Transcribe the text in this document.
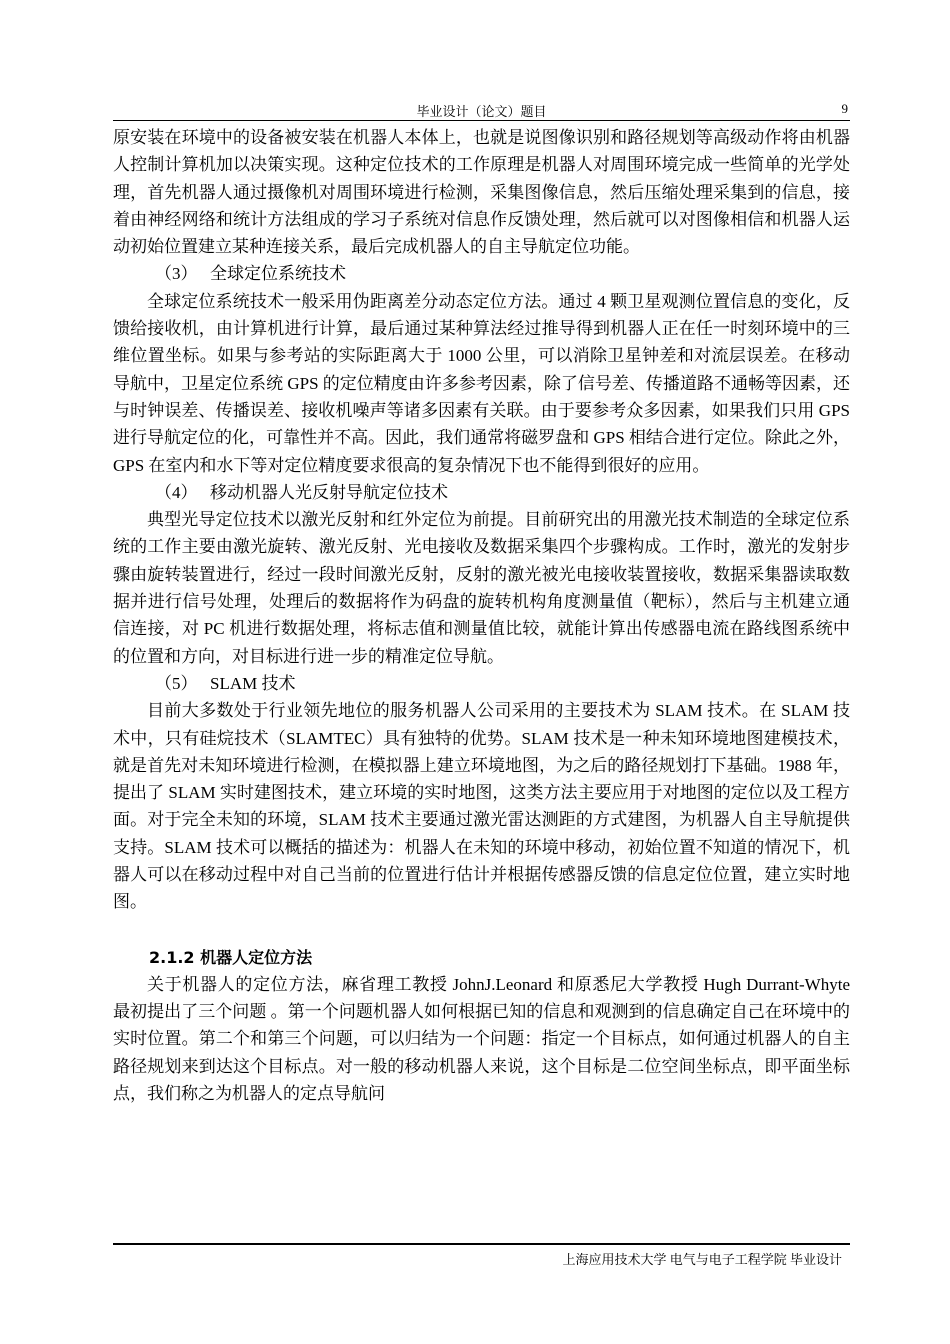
毕业设计（论文）题目	9

原安装在环境中的设备被安装在机器人本体上，也就是说图像识别和路径规划等高级动作将由机器人控制计算机加以决策实现。这种定位技术的工作原理是机器人对周围环境完成一些简单的光学处理，首先机器人通过摄像机对周围环境进行检测，采集图像信息，然后压缩处理采集到的信息，接着由神经网络和统计方法组成的学习子系统对信息作反馈处理，然后就可以对图像相信和机器人运动初始位置建立某种连接关系，最后完成机器人的自主导航定位功能。

（3） 全球定位系统技术

全球定位系统技术一般采用伪距离差分动态定位方法。通过 4 颗卫星观测位置信息的变化，反馈给接收机，由计算机进行计算，最后通过某种算法经过推导得到机器人正在任一时刻环境中的三维位置坐标。如果与参考站的实际距离大于 1000 公里，可以消除卫星钟差和对流层误差。在移动导航中，卫星定位系统 GPS 的定位精度由许多参考因素，除了信号差、传播道路不通畅等因素，还与时钟误差、传播误差、接收机噪声等诸多因素有关联。由于要参考众多因素，如果我们只用 GPS 进行导航定位的化，可靠性并不高。因此，我们通常将磁罗盘和 GPS 相结合进行定位。除此之外，GPS 在室内和水下等对定位精度要求很高的复杂情况下也不能得到很好的应用。

（4） 移动机器人光反射导航定位技术

典型光导定位技术以激光反射和红外定位为前提。目前研究出的用激光技术制造的全球定位系统的工作主要由激光旋转、激光反射、光电接收及数据采集四个步骤构成。工作时，激光的发射步骤由旋转装置进行，经过一段时间激光反射，反射的激光被光电接收装置接收，数据采集器读取数据并进行信号处理，处理后的数据将作为码盘的旋转机构角度测量值（靶标），然后与主机建立通信连接，对 PC 机进行数据处理，将标志值和测量值比较，就能计算出传感器电流在路线图系统中的位置和方向，对目标进行进一步的精准定位导航。

（5） SLAM 技术

目前大多数处于行业领先地位的服务机器人公司采用的主要技术为 SLAM 技术。在 SLAM 技术中，只有硅烷技术（SLAMTEC）具有独特的优势。SLAM 技术是一种未知环境地图建模技术，就是首先对未知环境进行检测，在模拟器上建立环境地图，为之后的路径规划打下基础。1988 年，提出了 SLAM 实时建图技术，建立环境的实时地图，这类方法主要应用于对地图的定位以及工程方面。对于完全未知的环境，SLAM 技术主要通过激光雷达测距的方式建图，为机器人自主导航提供支持。SLAM 技术可以概括的描述为：机器人在未知的环境中移动，初始位置不知道的情况下，机器人可以在移动过程中对自己当前的位置进行估计并根据传感器反馈的信息定位位置，建立实时地图。

2.1.2 机器人定位方法

关于机器人的定位方法，麻省理工教授 JohnJ.Leonard 和原悉尼大学教授 Hugh Durrant-Whyte 最初提出了三个问题 。第一个问题机器人如何根据已知的信息和观测到的信息确定自己在环境中的实时位置。第二个和第三个问题，可以归结为一个问题：指定一个目标点，如何通过机器人的自主路径规划来到达这个目标点。对一般的移动机器人来说，这个目标是二位空间坐标点，即平面坐标点，我们称之为机器人的定点导航问

上海应用技术大学 电气与电子工程学院 毕业设计
